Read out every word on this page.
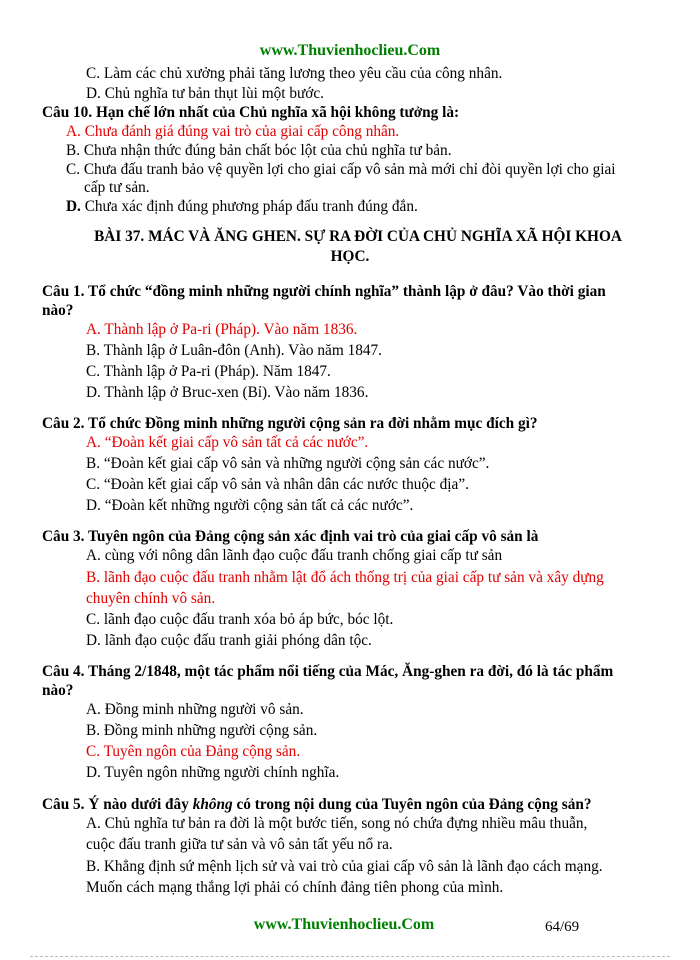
www.Thuvienhoclieu.Com
C. Làm các chủ xưởng phải tăng lương theo yêu cầu của công nhân.
D. Chủ nghĩa tư bản thụt lùi một bước.
Câu 10. Hạn chế lớn nhất của Chủ nghĩa xã hội không tưởng là:
A. Chưa đánh giá đúng vai trò của giai cấp công nhân.
B. Chưa nhận thức đúng bản chất bóc lột của chủ nghĩa tư bản.
C. Chưa đấu tranh bảo vệ quyền lợi cho giai cấp vô sản mà mới chỉ đòi quyền lợi cho giai
cấp tư sản.
D. Chưa xác định đúng phương pháp đấu tranh đúng đắn.
BÀI 37. MÁC VÀ ĂNG GHEN. SỰ RA ĐỜI CỦA CHỦ NGHĨA XÃ HỘI KHOA
HỌC.
Câu 1. Tổ chức “đồng minh những người chính nghĩa” thành lập ở đâu? Vào thời gian
nào?
A. Thành lập ở Pa-ri (Pháp). Vào năm 1836.
B. Thành lập ở Luân-đôn (Anh). Vào năm 1847.
C. Thành lập ở Pa-ri (Pháp). Năm 1847.
D. Thành lập ở Bruc-xen (Bỉ). Vào năm 1836.
Câu 2. Tổ chức Đồng minh những người cộng sản ra đời nhằm mục đích gì?
A. “Đoàn kết giai cấp vô sản tất cả các nước”.
B. “Đoàn kết giai cấp vô sản và những người cộng sản các nước”.
C. “Đoàn kết giai cấp vô sản và nhân dân các nước thuộc địa”.
D. “Đoàn kết những người cộng sản tất cả các nước”.
Câu 3. Tuyên ngôn của Đảng cộng sản xác định vai trò của giai cấp vô sản là
A. cùng với nông dân lãnh đạo cuộc đấu tranh chống giai cấp tư sản
B. lãnh đạo cuộc đấu tranh nhằm lật đổ ách thống trị của giai cấp tư sản và xây dựng
chuyên chính vô sản.
C. lãnh đạo cuộc đấu tranh xóa bỏ áp bức, bóc lột.
D. lãnh đạo cuộc đấu tranh giải phóng dân tộc.
Câu 4. Tháng 2/1848, một tác phẩm nổi tiếng của Mác, Ăng-ghen ra đời, đó là tác phẩm
nào?
A. Đồng minh những người vô sản.
B. Đồng minh những người cộng sản.
C. Tuyên ngôn của Đảng cộng sản.
D. Tuyên ngôn những người chính nghĩa.
Câu 5. Ý nào dưới đây không có trong nội dung của Tuyên ngôn của Đảng cộng sản?
A. Chủ nghĩa tư bản ra đời là một bước tiến, song nó chứa đựng nhiều mâu thuẫn,
cuộc đấu tranh giữa tư sản và vô sản tất yếu nổ ra.
B. Khẳng định sứ mệnh lịch sử và vai trò của giai cấp vô sản là lãnh đạo cách mạng.
Muốn cách mạng thắng lợi phải có chính đảng tiên phong của mình.
www.Thuvienhoclieu.Com	64/69
